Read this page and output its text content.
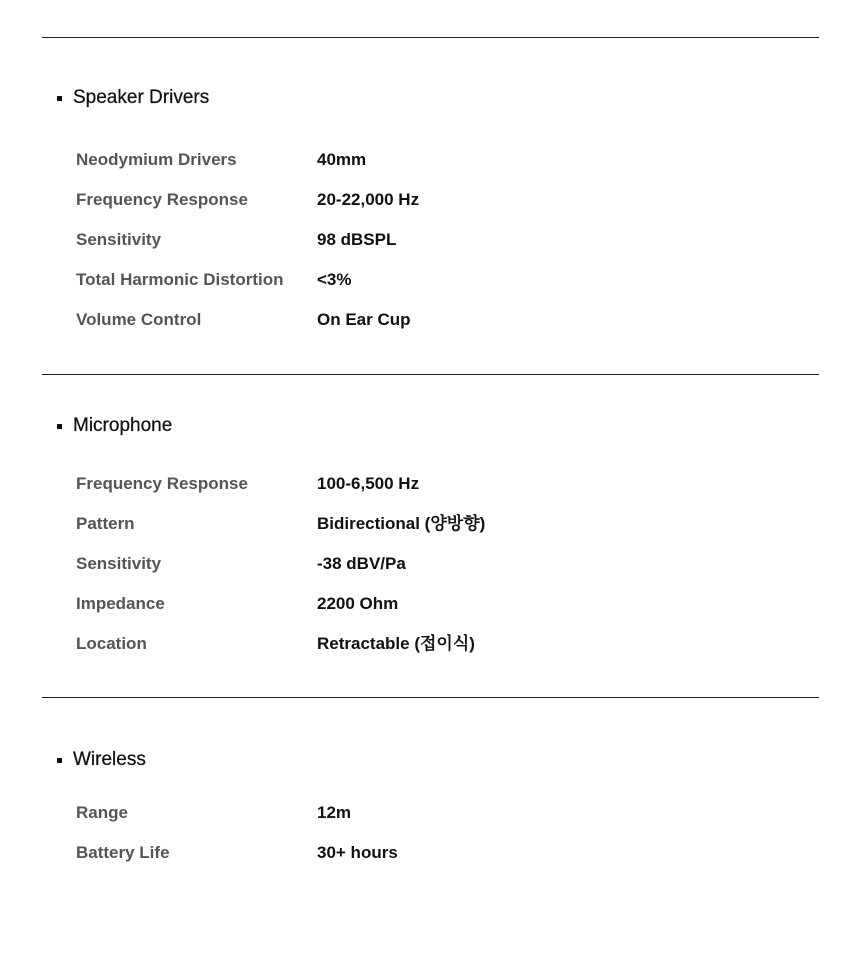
Speaker Drivers
Neodymium Drivers	40mm
Frequency Response	20-22,000 Hz
Sensitivity	98 dBSPL
Total Harmonic Distortion <3%
Volume Control	On Ear Cup
Microphone
Frequency Response	100-6,500 Hz
Pattern	Bidirectional (양방향)
Sensitivity	-38 dBV/Pa
Impedance	2200 Ohm
Location	Retractable (접이식)
Wireless
Range	12m
Battery Life	30+ hours
